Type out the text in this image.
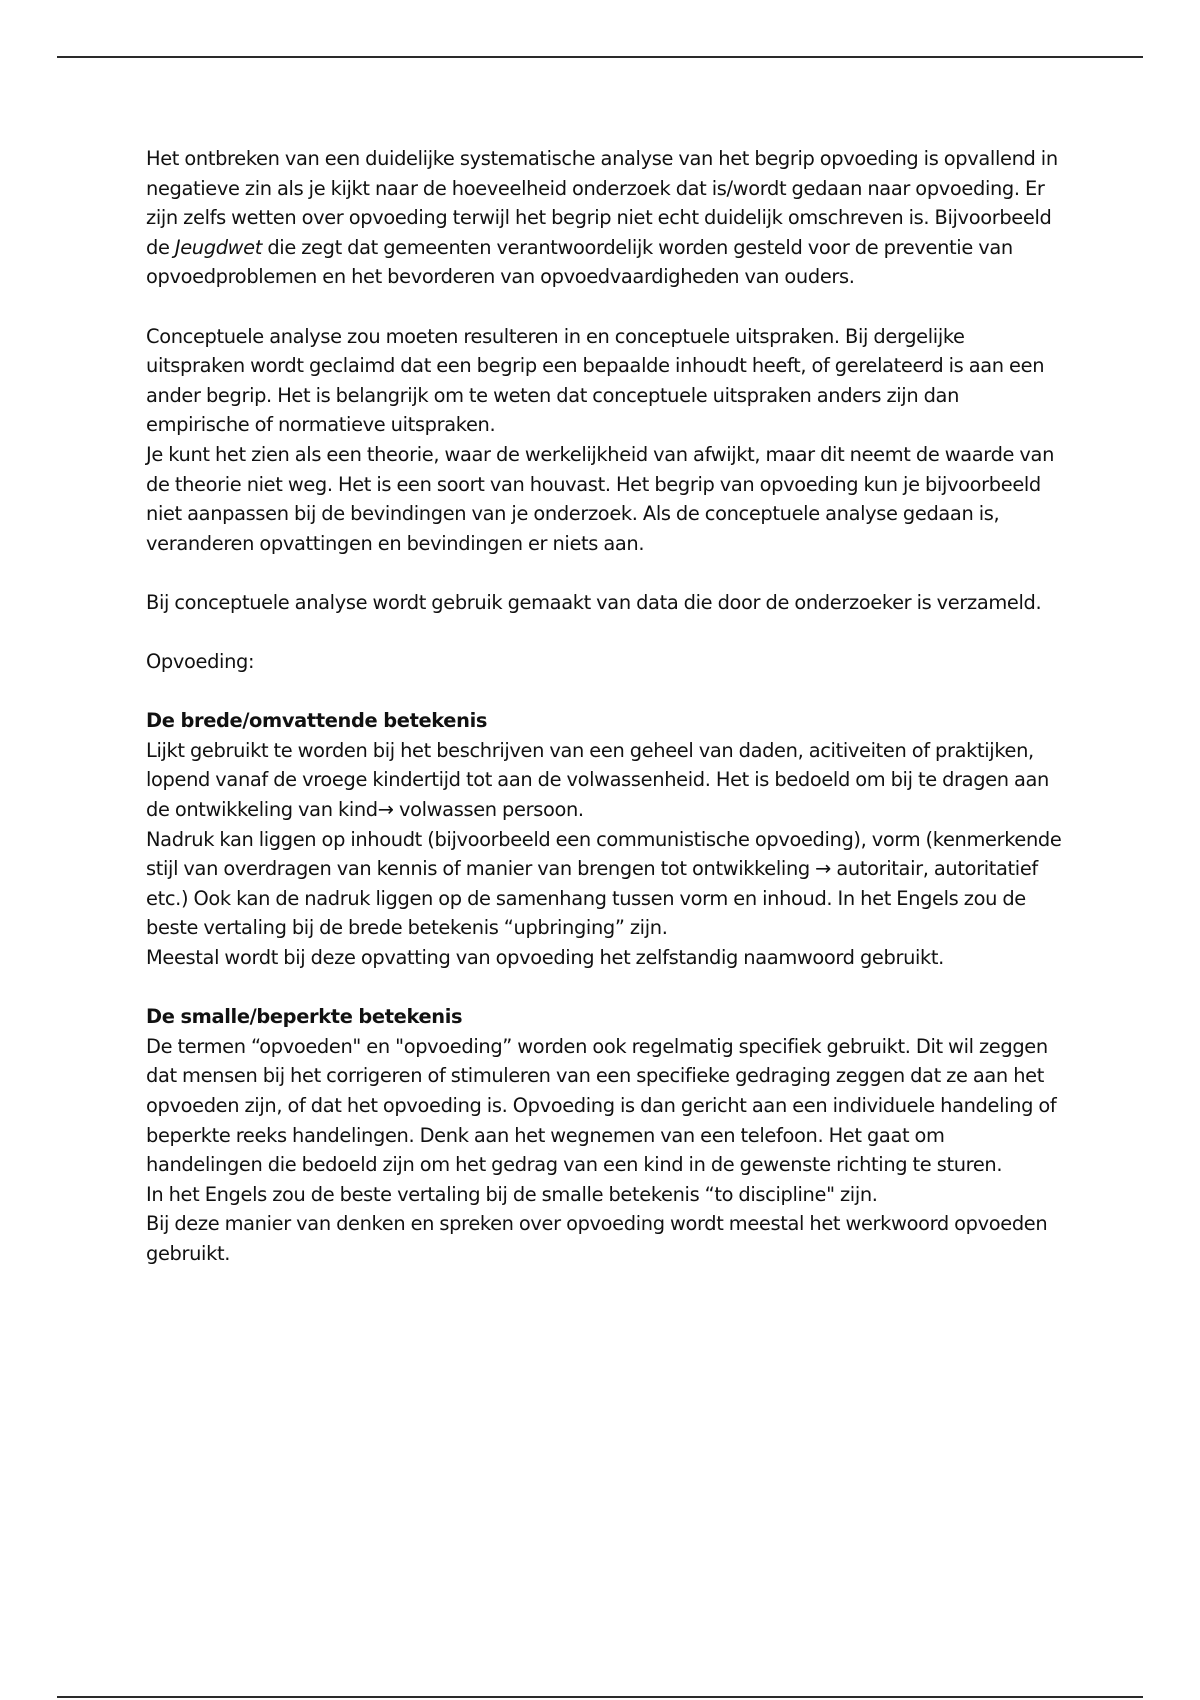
Het ontbreken van een duidelijke systematische analyse van het begrip opvoeding is opvallend in negatieve zin als je kijkt naar de hoeveelheid onderzoek dat is/wordt gedaan naar opvoeding. Er zijn zelfs wetten over opvoeding terwijl het begrip niet echt duidelijk omschreven is. Bijvoorbeeld de Jeugdwet die zegt dat gemeenten verantwoordelijk worden gesteld voor de preventie van opvoedproblemen en het bevorderen van opvoedvaardigheden van ouders.

Conceptuele analyse zou moeten resulteren in en conceptuele uitspraken. Bij dergelijke uitspraken wordt geclaimd dat een begrip een bepaalde inhoudt heeft, of gerelateerd is aan een ander begrip. Het is belangrijk om te weten dat conceptuele uitspraken anders zijn dan empirische of normatieve uitspraken.

Je kunt het zien als een theorie, waar de werkelijkheid van afwijkt, maar dit neemt de waarde van de theorie niet weg. Het is een soort van houvast. Het begrip van opvoeding kun je bijvoorbeeld niet aanpassen bij de bevindingen van je onderzoek. Als de conceptuele analyse gedaan is, veranderen opvattingen en bevindingen er niets aan.

Bij conceptuele analyse wordt gebruik gemaakt van data die door de onderzoeker is verzameld.

Opvoeding:

De brede/omvattende betekenis
Lijkt gebruikt te worden bij het beschrijven van een geheel van daden, acitiveiten of praktijken, lopend vanaf de vroege kindertijd tot aan de volwassenheid. Het is bedoeld om bij te dragen aan de ontwikkeling van kind→ volwassen persoon.
Nadruk kan liggen op inhoudt (bijvoorbeeld een communistische opvoeding), vorm (kenmerkende stijl van overdragen van kennis of manier van brengen tot ontwikkeling → autoritair, autoritatief etc.) Ook kan de nadruk liggen op de samenhang tussen vorm en inhoud. In het Engels zou de beste vertaling bij de brede betekenis “upbringing” zijn.
Meestal wordt bij deze opvatting van opvoeding het zelfstandig naamwoord gebruikt.

De smalle/beperkte betekenis
De termen “opvoeden" en "opvoeding” worden ook regelmatig specifiek gebruikt. Dit wil zeggen dat mensen bij het corrigeren of stimuleren van een specifieke gedraging zeggen dat ze aan het opvoeden zijn, of dat het opvoeding is. Opvoeding is dan gericht aan een individuele handeling of beperkte reeks handelingen. Denk aan het wegnemen van een telefoon. Het gaat om handelingen die bedoeld zijn om het gedrag van een kind in de gewenste richting te sturen.
In het Engels zou de beste vertaling bij de smalle betekenis “to discipline" zijn.
Bij deze manier van denken en spreken over opvoeding wordt meestal het werkwoord opvoeden gebruikt.
